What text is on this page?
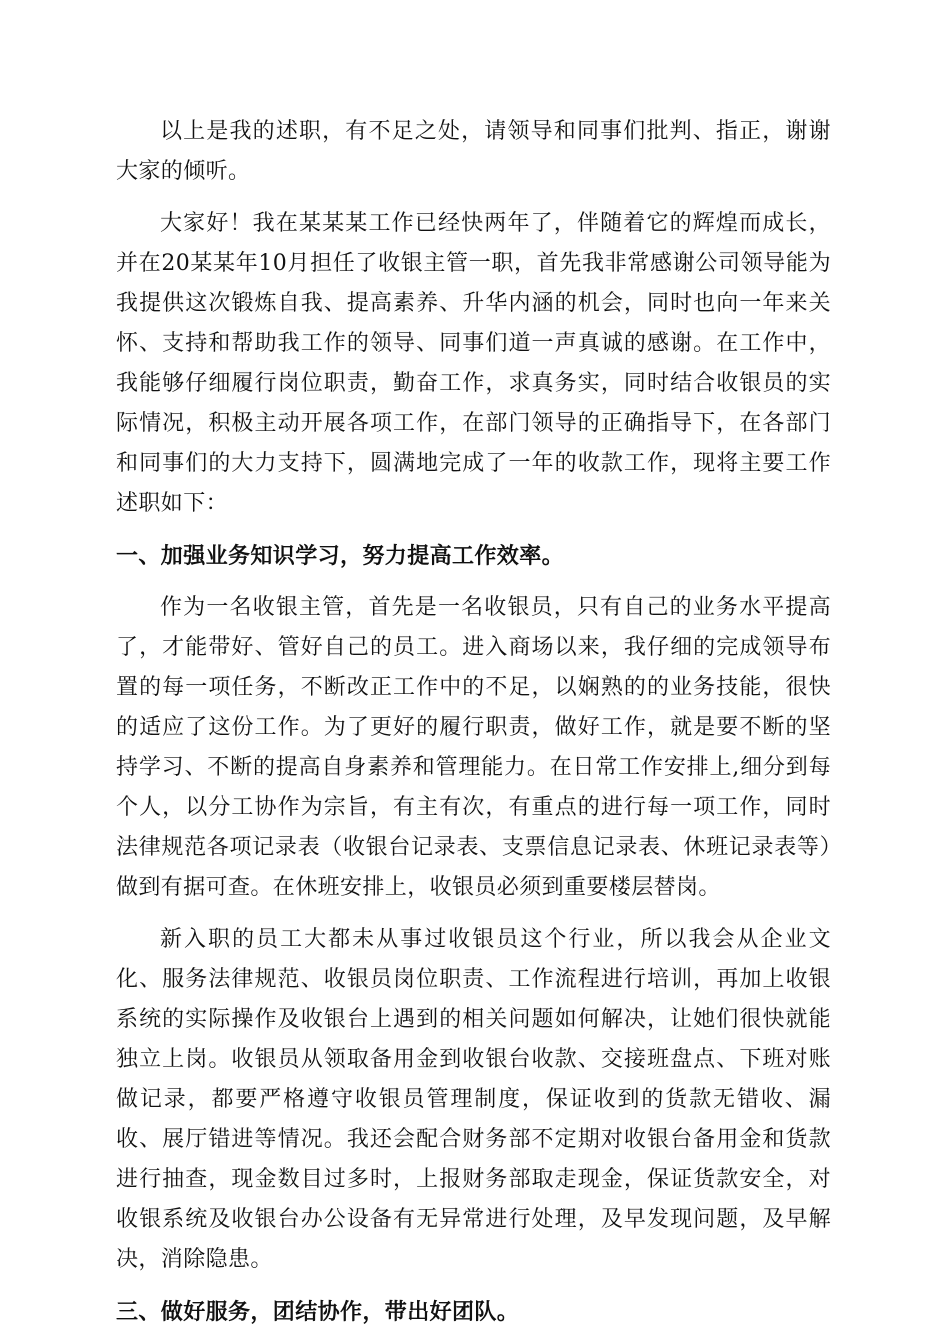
以上是我的述职，有不足之处，请领导和同事们批判、指正，谢谢大家的倾听。

大家好！我在某某某工作已经快两年了，伴随着它的辉煌而成长，并在20某某年10月担任了收银主管一职，首先我非常感谢公司领导能为我提供这次锻炼自我、提高素养、升华内涵的机会，同时也向一年来关怀、支持和帮助我工作的领导、同事们道一声真诚的感谢。在工作中，我能够仔细履行岗位职责，勤奋工作，求真务实，同时结合收银员的实际情况，积极主动开展各项工作，在部门领导的正确指导下，在各部门和同事们的大力支持下，圆满地完成了一年的收款工作，现将主要工作述职如下：

一、加强业务知识学习，努力提高工作效率。

作为一名收银主管，首先是一名收银员，只有自己的业务水平提高了，才能带好、管好自己的员工。进入商场以来，我仔细的完成领导布置的每一项任务，不断改正工作中的不足，以娴熟的的业务技能，很快的适应了这份工作。为了更好的履行职责，做好工作，就是要不断的坚持学习、不断的提高自身素养和管理能力。在日常工作安排上,细分到每个人，以分工协作为宗旨，有主有次，有重点的进行每一项工作，同时法律规范各项记录表（收银台记录表、支票信息记录表、休班记录表等）做到有据可查。在休班安排上，收银员必须到重要楼层替岗。

新入职的员工大都未从事过收银员这个行业，所以我会从企业文化、服务法律规范、收银员岗位职责、工作流程进行培训，再加上收银系统的实际操作及收银台上遇到的相关问题如何解决，让她们很快就能独立上岗。收银员从领取备用金到收银台收款、交接班盘点、下班对账做记录，都要严格遵守收银员管理制度，保证收到的货款无错收、漏收、展厅错进等情况。我还会配合财务部不定期对收银台备用金和货款进行抽查，现金数目过多时，上报财务部取走现金，保证货款安全，对收银系统及收银台办公设备有无异常进行处理，及早发现问题，及早解决，消除隐患。

三、做好服务，团结协作，带出好团队。
